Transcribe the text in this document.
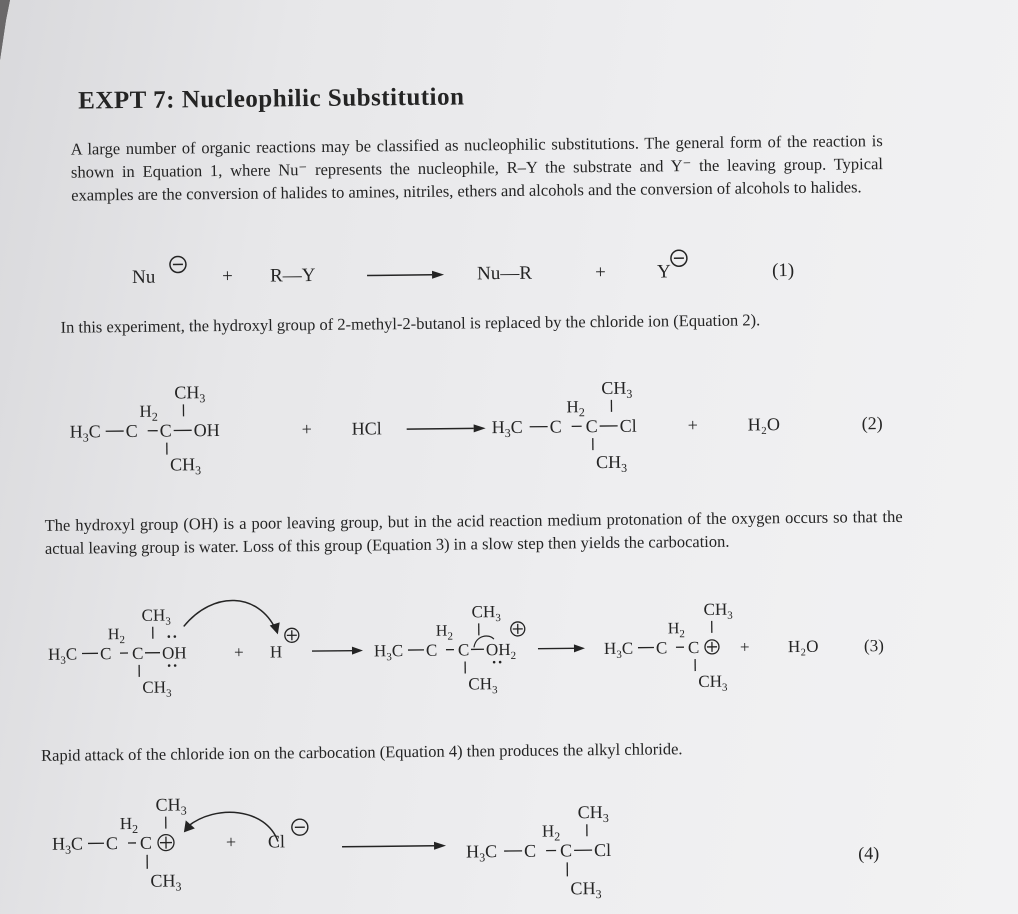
EXPT 7: Nucleophilic Substitution
A large number of organic reactions may be classified as nucleophilic substitutions. The general form of the reaction is shown in Equation 1, where Nu⁻ represents the nucleophile, R–Y the substrate and Y⁻ the leaving group. Typical examples are the conversion of halides to amines, nitriles, ethers and alcohols and the conversion of alcohols to halides.
Nu	+ R—Y	Nu—R	+	Y	(1)
In this experiment, the hydroxyl group of 2-methyl-2-butanol is replaced by the chloride ion (Equation 2).
$CH_3$
$H_2$
$H_3C$ C C OH
$CH_3$
+ HCl
$CH_3$
$H_2$
$H_3C$ C C Cl
$CH_3$
+	H₂O	(2)
The hydroxyl group (OH) is a poor leaving group, but in the acid reaction medium protonation of the oxygen occurs so that the actual leaving group is water. Loss of this group (Equation 3) in a slow step then yields the carbocation.
$CH_3$
$H_2$
$H_3C$ C C OH
$CH_3$
+ H
$CH_3$
$H_2$
$H_3C$ C C $OH_2$
$CH_3$
$CH_3$
$H_2$
$H_3C$ C C
$CH_3$
+ H₂O	(3)
Rapid attack of the chloride ion on the carbocation (Equation 4) then produces the alkyl chloride.
$CH_3$
$H_2$
$H_3C$ C C
$CH_3$
+ Cl
$CH_3$
$H_2$
$H_3C$ C C Cl
$CH_3$
(4)
